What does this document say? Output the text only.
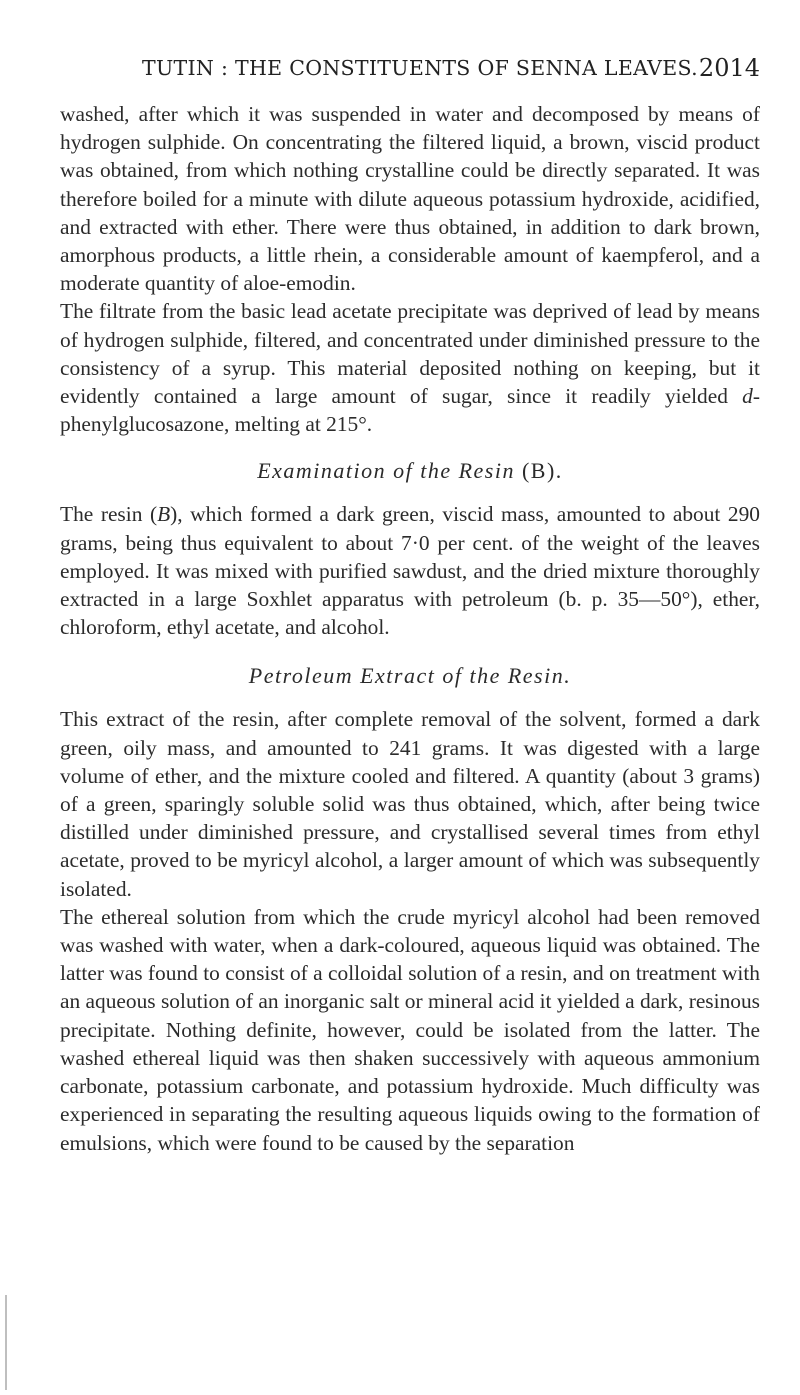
TUTIN : THE CONSTITUENTS OF SENNA LEAVES. 2014

washed, after which it was suspended in water and decomposed by means of hydrogen sulphide. On concentrating the filtered liquid, a brown, viscid product was obtained, from which nothing crystalline could be directly separated. It was therefore boiled for a minute with dilute aqueous potassium hydroxide, acidified, and extracted with ether. There were thus obtained, in addition to dark brown, amorphous products, a little rhein, a considerable amount of kaempferol, and a moderate quantity of aloe-emodin.

The filtrate from the basic lead acetate precipitate was deprived of lead by means of hydrogen sulphide, filtered, and concentrated under diminished pressure to the consistency of a syrup. This material deposited nothing on keeping, but it evidently contained a large amount of sugar, since it readily yielded d-phenylglucosazone, melting at 215°.

Examination of the Resin (B).

The resin (B), which formed a dark green, viscid mass, amounted to about 290 grams, being thus equivalent to about 7·0 per cent. of the weight of the leaves employed. It was mixed with purified sawdust, and the dried mixture thoroughly extracted in a large Soxhlet apparatus with petroleum (b. p. 35—50°), ether, chloroform, ethyl acetate, and alcohol.

Petroleum Extract of the Resin.

This extract of the resin, after complete removal of the solvent, formed a dark green, oily mass, and amounted to 241 grams. It was digested with a large volume of ether, and the mixture cooled and filtered. A quantity (about 3 grams) of a green, sparingly soluble solid was thus obtained, which, after being twice distilled under diminished pressure, and crystallised several times from ethyl acetate, proved to be myricyl alcohol, a larger amount of which was subsequently isolated.

The ethereal solution from which the crude myricyl alcohol had been removed was washed with water, when a dark-coloured, aqueous liquid was obtained. The latter was found to consist of a colloidal solution of a resin, and on treatment with an aqueous solution of an inorganic salt or mineral acid it yielded a dark, resinous precipitate. Nothing definite, however, could be isolated from the latter. The washed ethereal liquid was then shaken successively with aqueous ammonium carbonate, potassium carbonate, and potassium hydroxide. Much difficulty was experienced in separating the resulting aqueous liquids owing to the formation of emulsions, which were found to be caused by the separation
